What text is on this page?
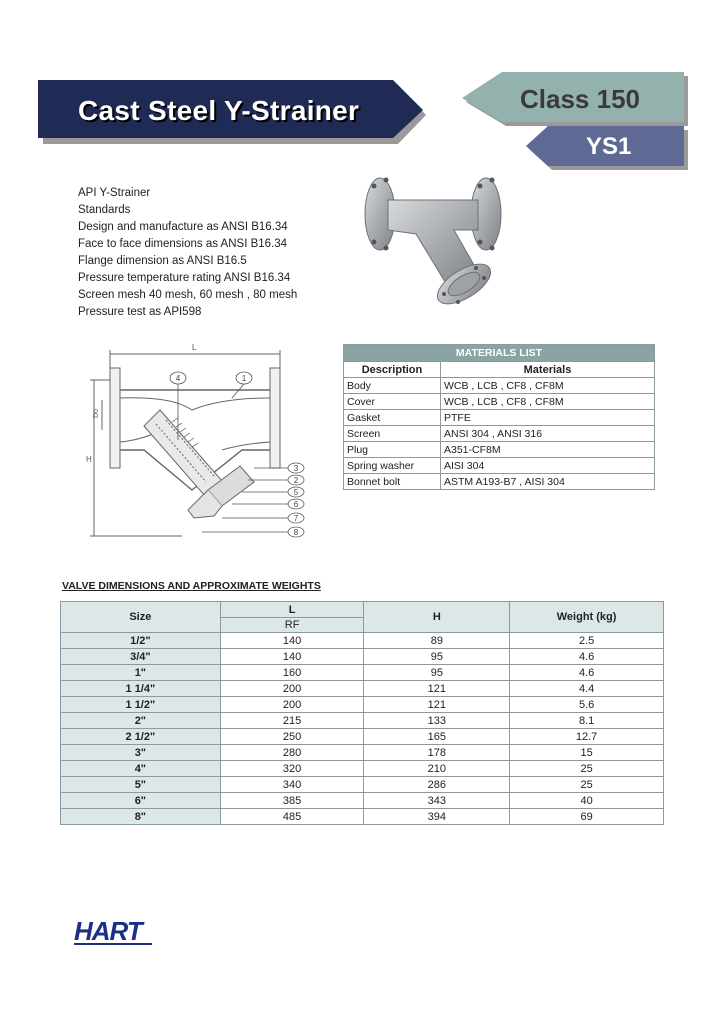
Cast Steel Y-Strainer	Class 150
YS1
API Y-Strainer
Standards
Design and manufacture as ANSI B16.34
Face to face dimensions as ANSI B16.34
Flange dimension as ANSI B16.5
Pressure temperature rating ANSI B16.34
Screen mesh 40 mesh, 60 mesh , 80 mesh
Pressure test as API598
L
H
Do
1
2
3
4
5
6
7
8
MATERIALS LIST	
Description	Materials
Body	WCB , LCB , CF8 , CF8M
Cover	WCB , LCB , CF8 , CF8M
Gasket	PTFE
Screen	ANSI 304 , ANSI 316
Plug	A351-CF8M
Spring washer	AISI 304
Bonnet bolt	ASTM A193-B7 , AISI 304
VALVE DIMENSIONS AND APPROXIMATE WEIGHTS
Size	L	H	Weight (kg)
	RF		
1/2"	140	89	2.5
3/4"	140	95	4.6
1"	160	95	4.6
1 1/4"	200	121	4.4
1 1/2"	200	121	5.6
2"	215	133	8.1
2 1/2"	250	165	12.7
3"	280	178	15
4"	320	210	25
5"	340	286	25
6"	385	343	40
8"	485	394	69
HART
